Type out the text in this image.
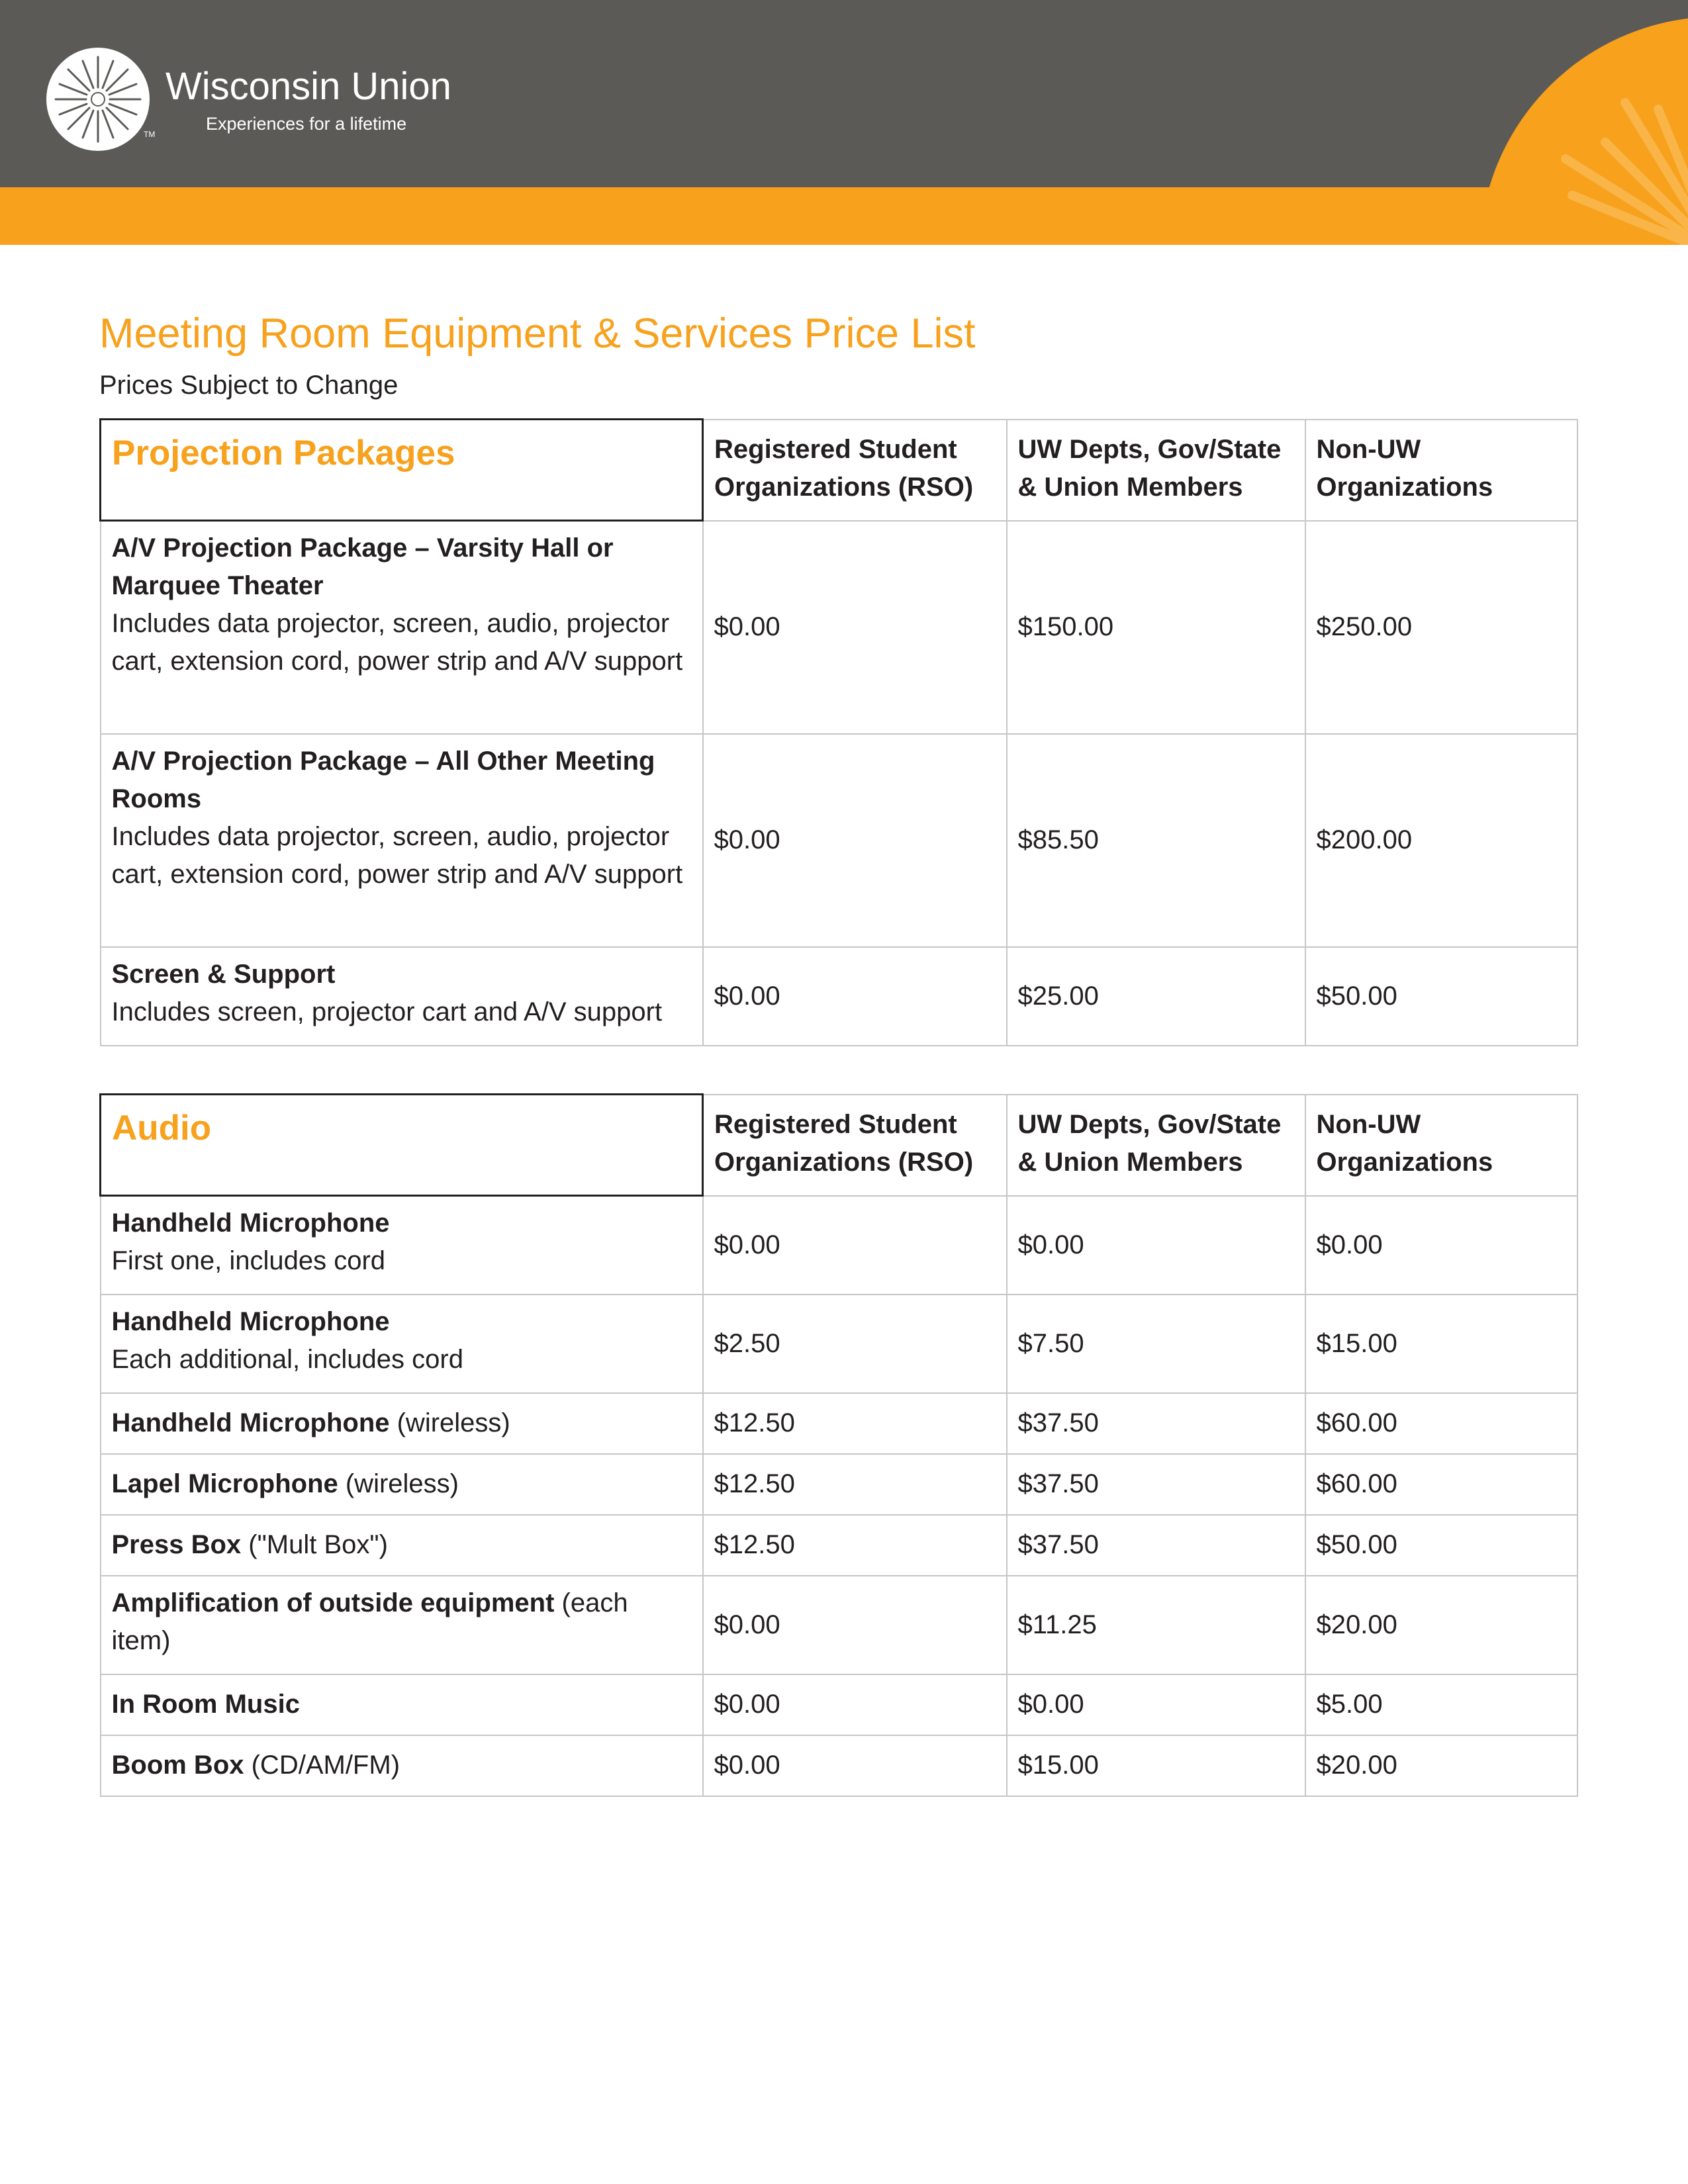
Wisconsin Union
Experiences for a lifetime
TM
Meeting Room Equipment & Services Price List
Prices Subject to Change
Projection Packages	Registered Student Organizations (RSO)	UW Depts, Gov/State & Union Members	Non-UW Organizations

A/V Projection Package – Varsity Hall or Marquee Theater
Includes data projector, screen, audio, projector cart, extension cord, power strip and A/V support	$0.00	$150.00	$250.00
A/V Projection Package – All Other Meeting Rooms
Includes data projector, screen, audio, projector cart, extension cord, power strip and A/V support	$0.00	$85.50	$200.00
Screen & Support
Includes screen, projector cart and A/V support	$0.00	$25.00	$50.00
Audio	Registered Student Organizations (RSO)	UW Depts, Gov/State & Union Members	Non-UW Organizations

Handheld Microphone
First one, includes cord	$0.00	$0.00	$0.00
Handheld Microphone
Each additional, includes cord	$2.50	$7.50	$15.00
Handheld Microphone (wireless)	$12.50	$37.50	$60.00
Lapel Microphone (wireless)	$12.50	$37.50	$60.00
Press Box ("Mult Box")	$12.50	$37.50	$50.00
Amplification of outside equipment (each item)	$0.00	$11.25	$20.00
In Room Music	$0.00	$0.00	$5.00
Boom Box (CD/AM/FM)	$0.00	$15.00	$20.00
